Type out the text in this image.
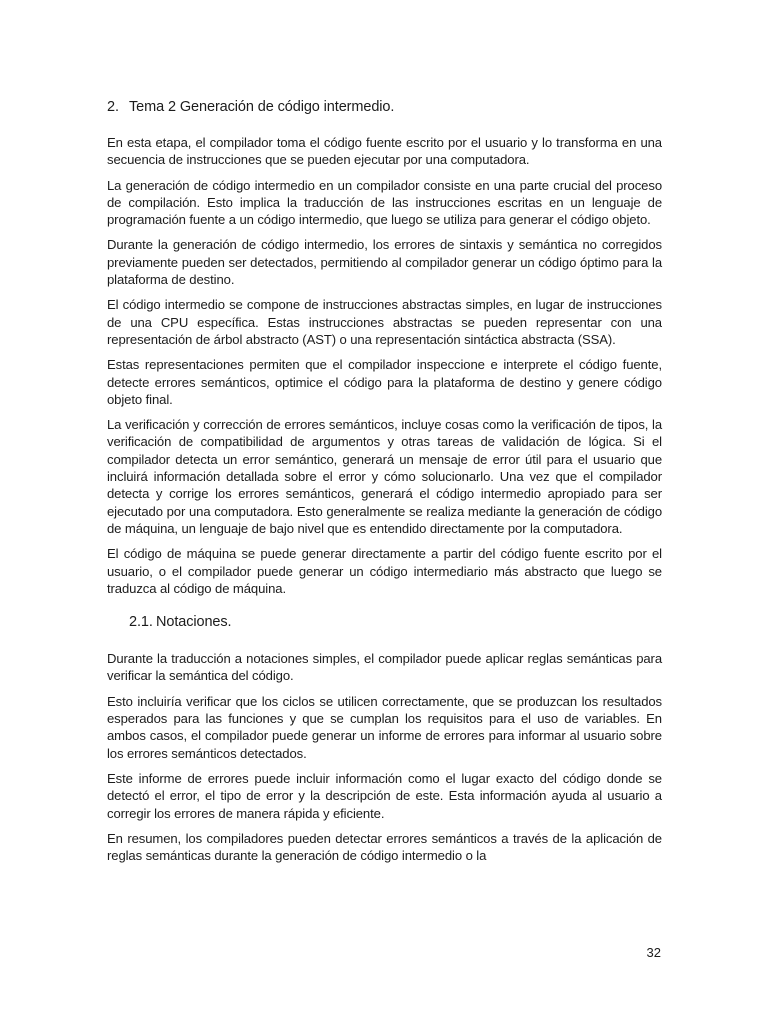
2. Tema 2 Generación de código intermedio.

En esta etapa, el compilador toma el código fuente escrito por el usuario y lo transforma en una secuencia de instrucciones que se pueden ejecutar por una computadora.

La generación de código intermedio en un compilador consiste en una parte crucial del proceso de compilación. Esto implica la traducción de las instrucciones escritas en un lenguaje de programación fuente a un código intermedio, que luego se utiliza para generar el código objeto.

Durante la generación de código intermedio, los errores de sintaxis y semántica no corregidos previamente pueden ser detectados, permitiendo al compilador generar un código óptimo para la plataforma de destino.

El código intermedio se compone de instrucciones abstractas simples, en lugar de instrucciones de una CPU específica. Estas instrucciones abstractas se pueden representar con una representación de árbol abstracto (AST) o una representación sintáctica abstracta (SSA).

Estas representaciones permiten que el compilador inspeccione e interprete el código fuente, detecte errores semánticos, optimice el código para la plataforma de destino y genere código objeto final.

La verificación y corrección de errores semánticos, incluye cosas como la verificación de tipos, la verificación de compatibilidad de argumentos y otras tareas de validación de lógica. Si el compilador detecta un error semántico, generará un mensaje de error útil para el usuario que incluirá información detallada sobre el error y cómo solucionarlo. Una vez que el compilador detecta y corrige los errores semánticos, generará el código intermedio apropiado para ser ejecutado por una computadora. Esto generalmente se realiza mediante la generación de código de máquina, un lenguaje de bajo nivel que es entendido directamente por la computadora.

El código de máquina se puede generar directamente a partir del código fuente escrito por el usuario, o el compilador puede generar un código intermediario más abstracto que luego se traduzca al código de máquina.

2.1. Notaciones.

Durante la traducción a notaciones simples, el compilador puede aplicar reglas semánticas para verificar la semántica del código.

Esto incluiría verificar que los ciclos se utilicen correctamente, que se produzcan los resultados esperados para las funciones y que se cumplan los requisitos para el uso de variables. En ambos casos, el compilador puede generar un informe de errores para informar al usuario sobre los errores semánticos detectados.

Este informe de errores puede incluir información como el lugar exacto del código donde se detectó el error, el tipo de error y la descripción de este. Esta información ayuda al usuario a corregir los errores de manera rápida y eficiente.

En resumen, los compiladores pueden detectar errores semánticos a través de la aplicación de reglas semánticas durante la generación de código intermedio o la

32
